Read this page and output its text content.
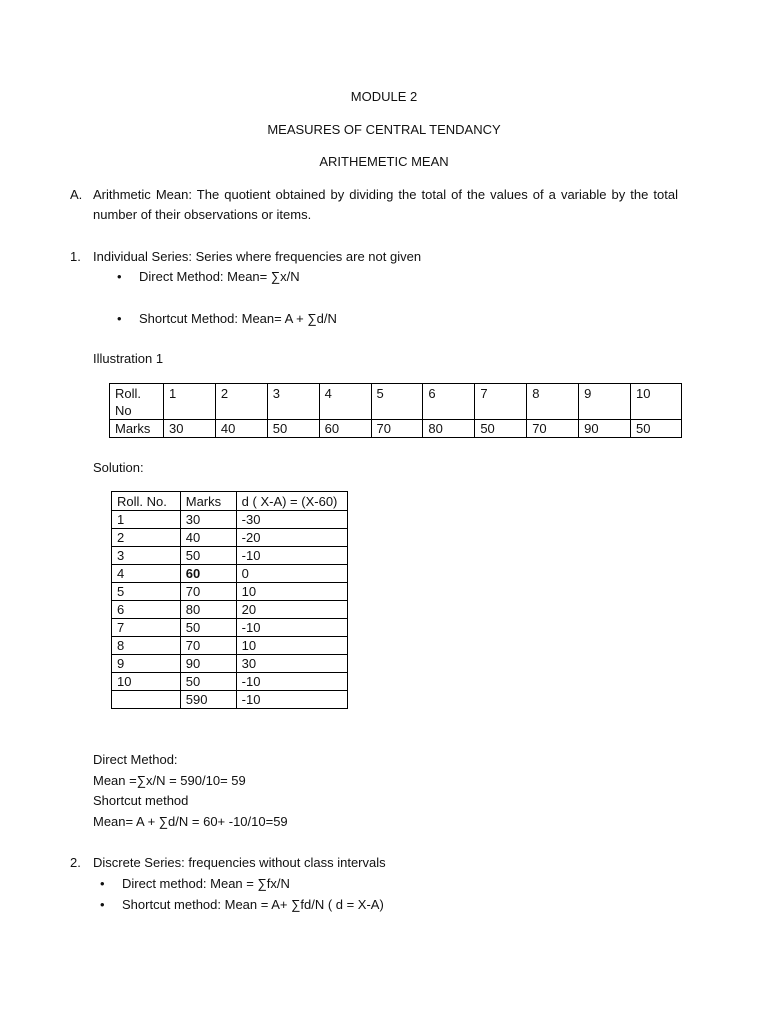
MODULE 2
MEASURES OF CENTRAL TENDANCY
ARITHEMETIC MEAN
A. Arithmetic Mean: The quotient obtained by dividing the total of the values of a variable by the total number of their observations or items.
1. Individual Series: Series where frequencies are not given
• Direct Method: Mean= ∑x/N
• Shortcut Method: Mean= A + ∑d/N
Illustration 1
Roll. No	1	2	3	4	5	6	7	8	9	10
Marks	30	40	50	60	70	80	50	70	90	50
Solution:
Roll. No.	Marks	d ( X-A) = (X-60)
1	30	-30
2	40	-20
3	50	-10
4	60	0
5	70	10
6	80	20
7	50	-10
8	70	10
9	90	30
10	50	-10
	590	-10
Direct Method:
Mean =∑x/N = 590/10= 59
Shortcut method
Mean= A + ∑d/N = 60+ -10/10=59
2. Discrete Series: frequencies without class intervals
• Direct method: Mean = ∑fx/N
• Shortcut method: Mean = A+ ∑fd/N ( d = X-A)
